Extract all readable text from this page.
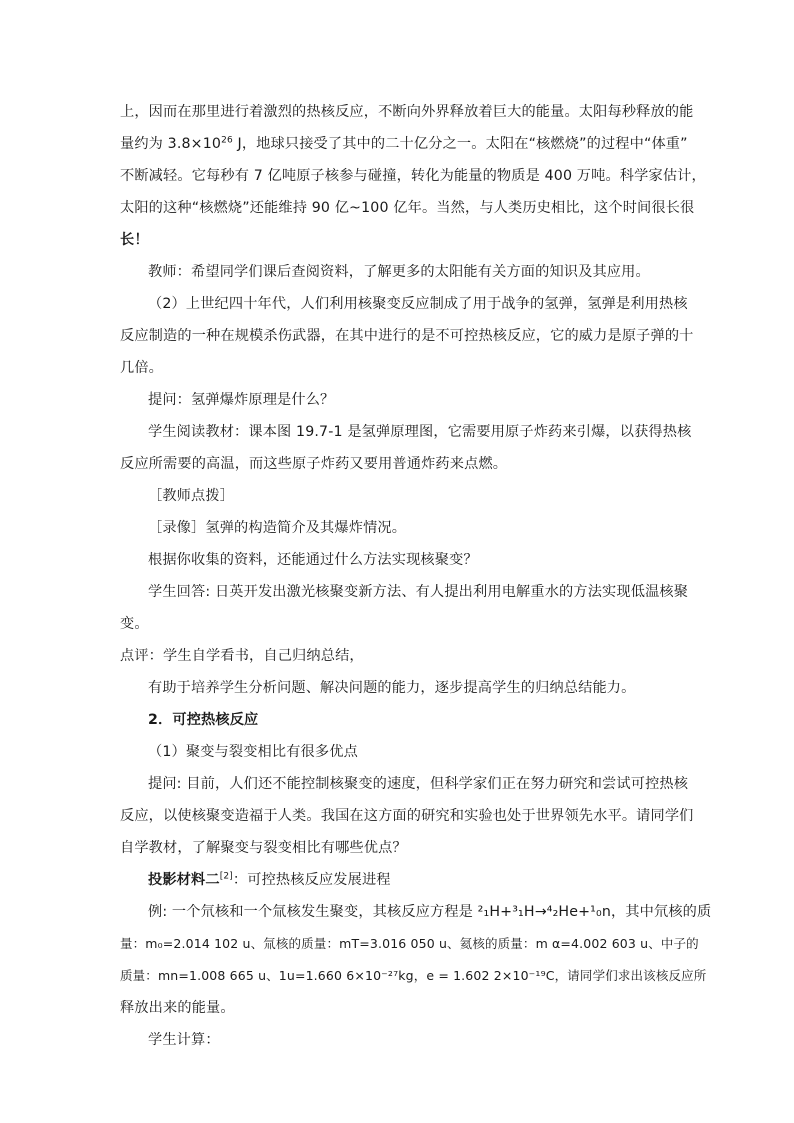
上，因而在那里进行着激烈的热核反应，不断向外界释放着巨大的能量。太阳每秒释放的能
量约为 $3.8\times 10^{26}$ J，地球只接受了其中的二十亿分之一。太阳在“核燃烧”的过程中“体重”
不断减轻。它每秒有 7 亿吨原子核参与碰撞，转化为能量的物质是 400 万吨。科学家估计，
太阳的这种“核燃烧”还能维持 90 亿~100 亿年。当然，与人类历史相比，这个时间很长很
长！
教师：希望同学们课后查阅资料，了解更多的太阳能有关方面的知识及其应用。
（2）上世纪四十年代，人们利用核聚变反应制成了用于战争的氢弹，氢弹是利用热核
反应制造的一种在规模杀伤武器，在其中进行的是不可控热核反应，它的威力是原子弹的十
几倍。
提问：氢弹爆炸原理是什么？
学生阅读教材：课本图 19.7-1 是氢弹原理图，它需要用原子炸药来引爆，以获得热核
反应所需要的高温，而这些原子炸药又要用普通炸药来点燃。
［教师点拨］
［录像］氢弹的构造简介及其爆炸情况。
根据你收集的资料，还能通过什么方法实现核聚变？
学生回答: 日英开发出激光核聚变新方法、有人提出利用电解重水的方法实现低温核聚
变。
点评：学生自学看书，自己归纳总结，
有助于培养学生分析问题、解决问题的能力，逐步提高学生的归纳总结能力。
2．可控热核反应
（1）聚变与裂变相比有很多优点
提问: 目前，人们还不能控制核聚变的速度，但科学家们正在努力研究和尝试可控热核
反应，以使核聚变造福于人类。我国在这方面的研究和实验也处于世界领先水平。请同学们
自学教材，了解聚变与裂变相比有哪些优点？
投影材料二[2]：可控热核反应发展进程
例: 一个氘核和一个氚核发生聚变，其核反应方程是 ²₁H+³₁H→⁴₂He+¹₀n，其中氘核的质
量：m₀=2.014 102 u、氚核的质量：mT=3.016 050 u、氦核的质量：m α=4.002 603 u、中子的
质量：mn=1.008 665 u、1u=1.660 6×10⁻²⁷kg，e = 1.602 2×10⁻¹⁹C，请同学们求出该核反应所
释放出来的能量。
学生计算：
